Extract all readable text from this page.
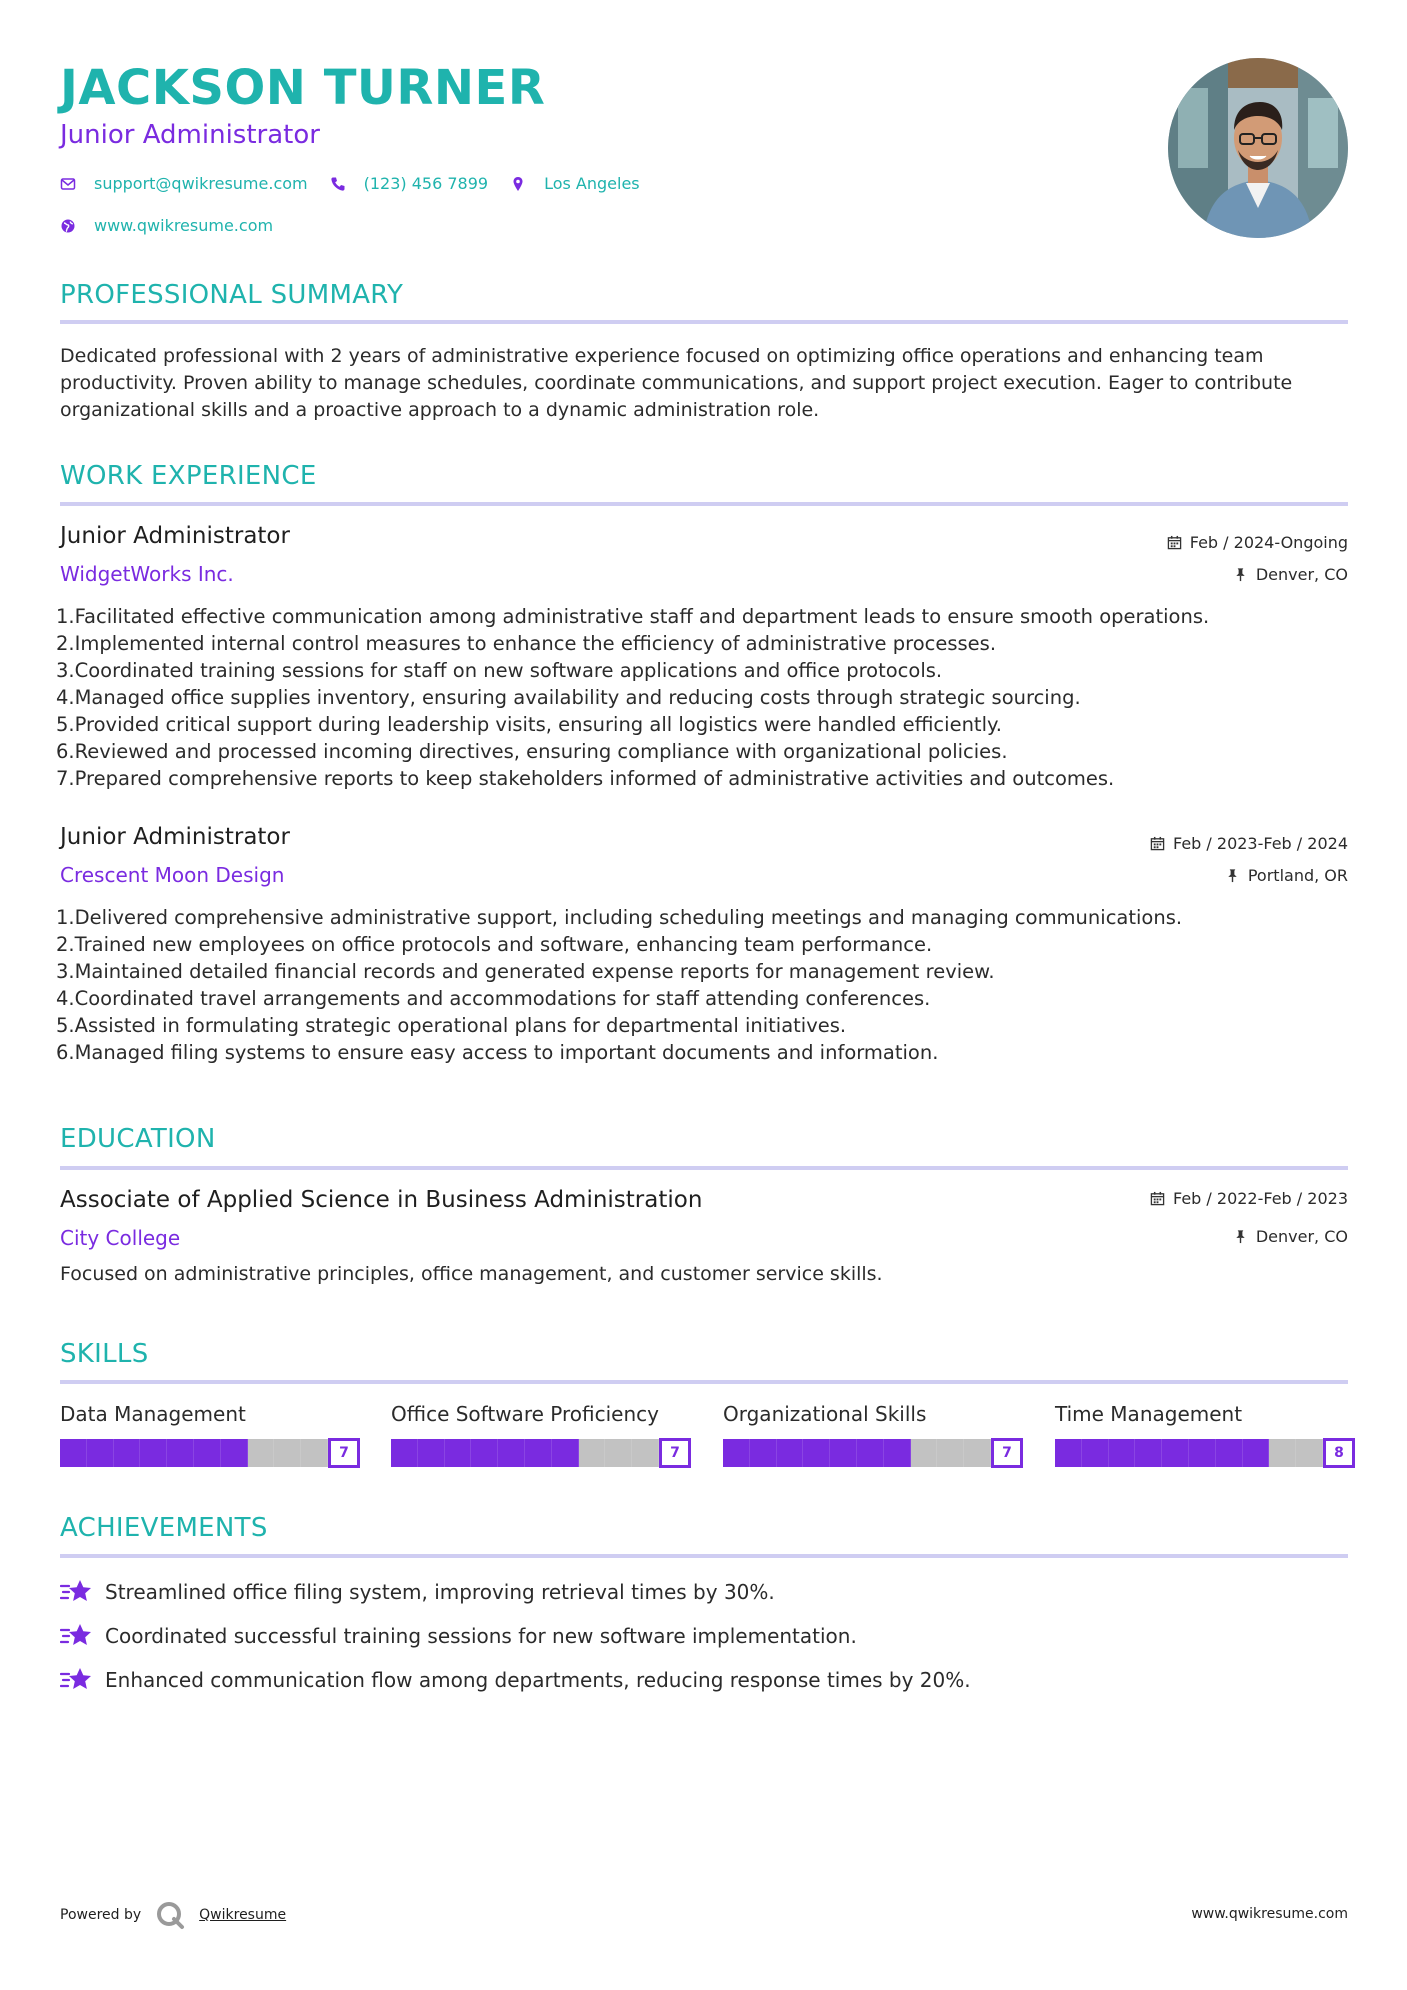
JACKSON TURNER
Junior Administrator
support@qwikresume.com	(123) 456 7899	Los Angeles
www.qwikresume.com
PROFESSIONAL SUMMARY
Dedicated professional with 2 years of administrative experience focused on optimizing office operations and enhancing team productivity. Proven ability to manage schedules, coordinate communications, and support project execution. Eager to contribute organizational skills and a proactive approach to a dynamic administration role.
WORK EXPERIENCE
Junior Administrator	Feb / 2024-Ongoing
WidgetWorks Inc.	Denver, CO
1.Facilitated effective communication among administrative staff and department leads to ensure smooth operations.
2.Implemented internal control measures to enhance the efficiency of administrative processes.
3.Coordinated training sessions for staff on new software applications and office protocols.
4.Managed office supplies inventory, ensuring availability and reducing costs through strategic sourcing.
5.Provided critical support during leadership visits, ensuring all logistics were handled efficiently.
6.Reviewed and processed incoming directives, ensuring compliance with organizational policies.
7.Prepared comprehensive reports to keep stakeholders informed of administrative activities and outcomes.
Junior Administrator	Feb / 2023-Feb / 2024
Crescent Moon Design	Portland, OR
1.Delivered comprehensive administrative support, including scheduling meetings and managing communications.
2.Trained new employees on office protocols and software, enhancing team performance.
3.Maintained detailed financial records and generated expense reports for management review.
4.Coordinated travel arrangements and accommodations for staff attending conferences.
5.Assisted in formulating strategic operational plans for departmental initiatives.
6.Managed filing systems to ensure easy access to important documents and information.
EDUCATION
Associate of Applied Science in Business Administration	Feb / 2022-Feb / 2023
City College	Denver, CO
Focused on administrative principles, office management, and customer service skills.
SKILLS
Data Management
7
Office Software Proficiency
7
Organizational Skills
7
Time Management
8
ACHIEVEMENTS
Streamlined office filing system, improving retrieval times by 30%.
Coordinated successful training sessions for new software implementation.
Enhanced communication flow among departments, reducing response times by 20%.
Powered by	Qwikresume	www.qwikresume.com
